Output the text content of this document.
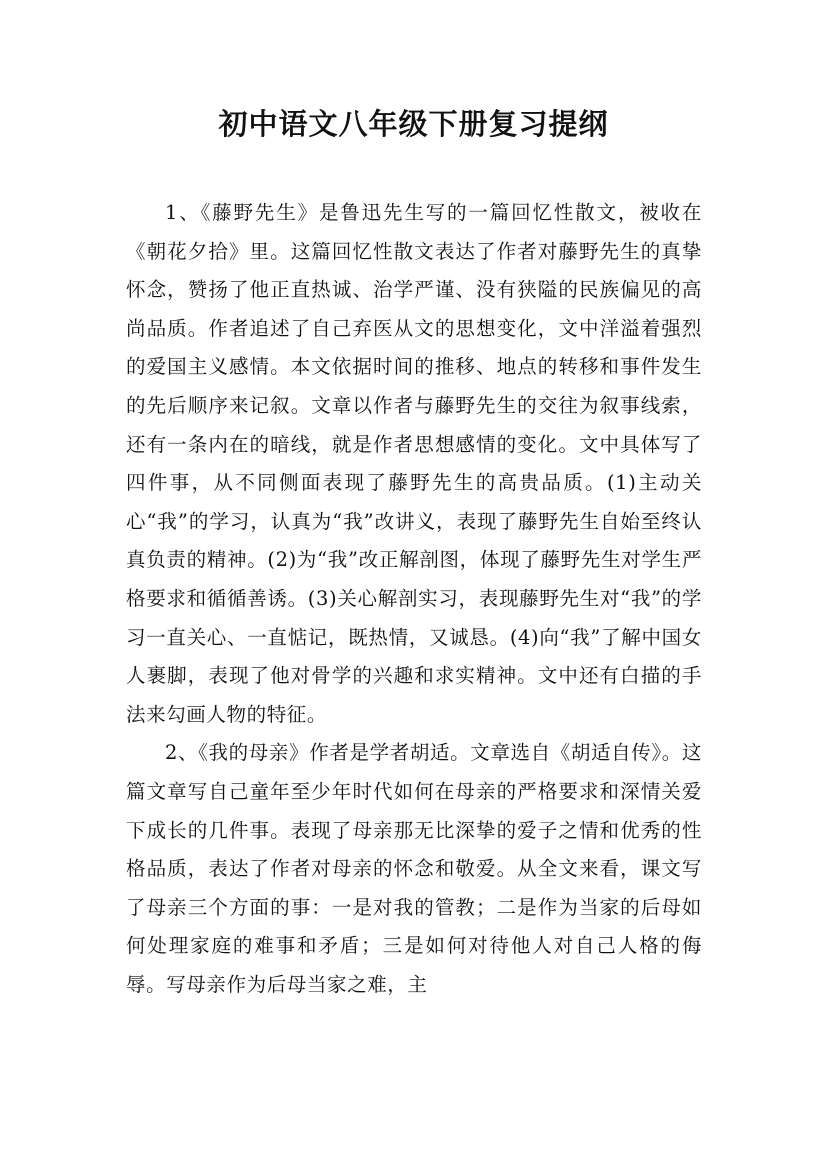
初中语文八年级下册复习提纲

1、《藤野先生》是鲁迅先生写的一篇回忆性散文，被收在《朝花夕拾》里。这篇回忆性散文表达了作者对藤野先生的真挚怀念，赞扬了他正直热诚、治学严谨、没有狭隘的民族偏见的高尚品质。作者追述了自己弃医从文的思想变化，文中洋溢着强烈的爱国主义感情。本文依据时间的推移、地点的转移和事件发生的先后顺序来记叙。文章以作者与藤野先生的交往为叙事线索，还有一条内在的暗线，就是作者思想感情的变化。文中具体写了四件事，从不同侧面表现了藤野先生的高贵品质。(1)主动关心“我”的学习，认真为“我”改讲义，表现了藤野先生自始至终认真负责的精神。(2)为“我”改正解剖图，体现了藤野先生对学生严格要求和循循善诱。(3)关心解剖实习，表现藤野先生对“我”的学习一直关心、一直惦记，既热情，又诚恳。(4)向“我”了解中国女人裹脚，表现了他对骨学的兴趣和求实精神。文中还有白描的手法来勾画人物的特征。

2、《我的母亲》作者是学者胡适。文章选自《胡适自传》。这篇文章写自己童年至少年时代如何在母亲的严格要求和深情关爱下成长的几件事。表现了母亲那无比深挚的爱子之情和优秀的性格品质，表达了作者对母亲的怀念和敬爱。从全文来看，课文写了母亲三个方面的事：一是对我的管教；二是作为当家的后母如何处理家庭的难事和矛盾；三是如何对待他人对自己人格的侮辱。写母亲作为后母当家之难，主
